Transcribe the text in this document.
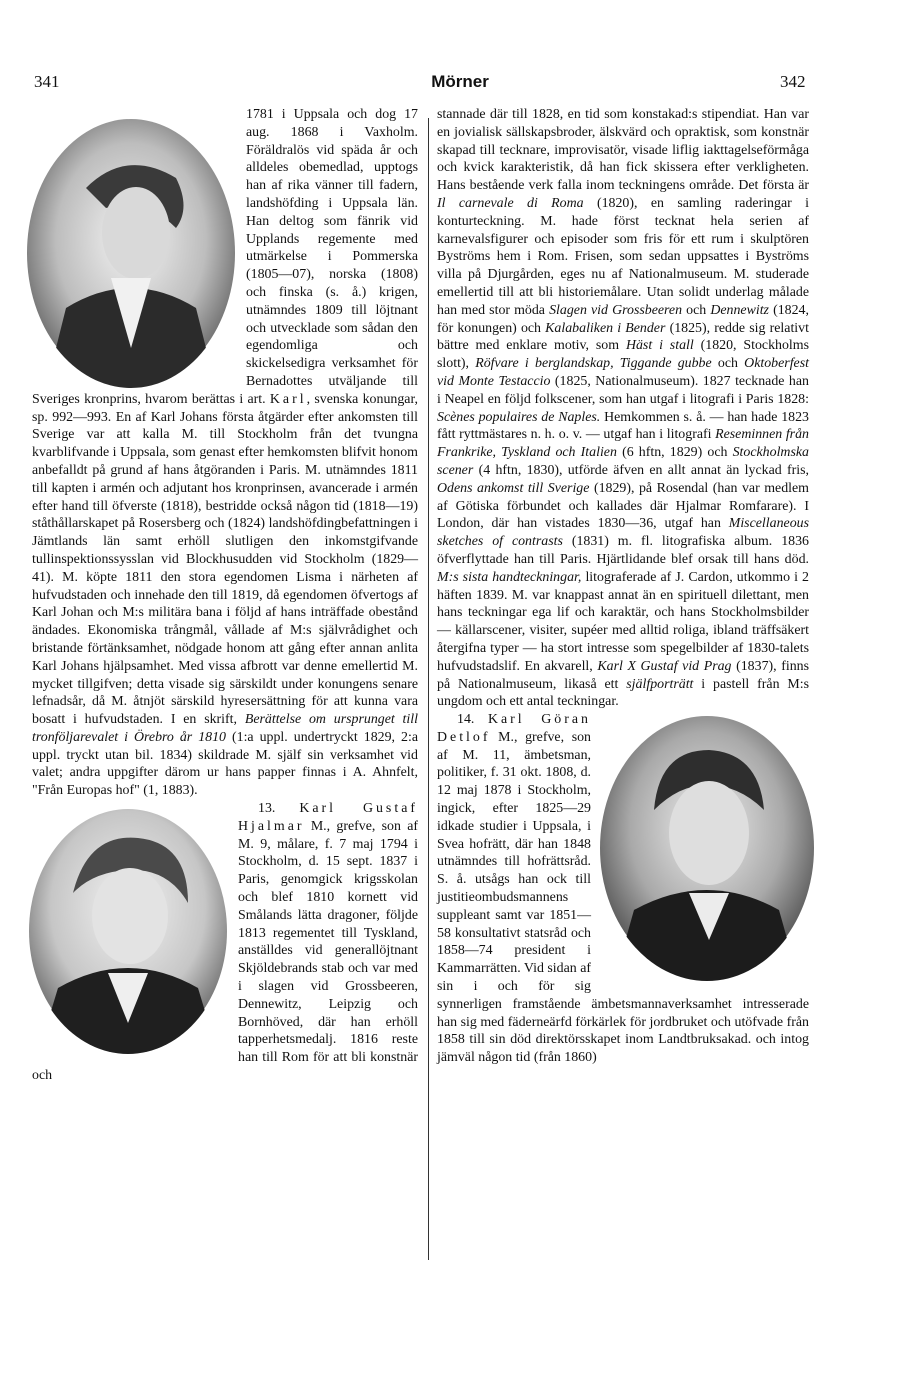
341	Mörner	342

1781 i Uppsala och dog 17 aug. 1868 i Vaxholm. Föräldralös vid späda år och alldeles obemedlad, upptogs han af rika vänner till fadern, landshöfding i Uppsala län. Han deltog som fänrik vid Upplands regemente med utmärkelse i Pommerska (1805—07), norska (1808) och finska (s. å.) krigen, utnämndes 1809 till löjtnant och utvecklade som sådan den egendomliga och skickelsedigra verksamhet för Bernadottes utväljande till Sveriges kronprins, hvarom berättas i art. Karl, svenska konungar, sp. 992—993. En af Karl Johans första åtgärder efter ankomsten till Sverige var att kalla M. till Stockholm från det tvungna kvarblifvande i Uppsala, som genast efter hemkomsten blifvit honom anbefalldt på grund af hans åtgöranden i Paris. M. utnämndes 1811 till kapten i armén och adjutant hos kronprinsen, avancerade i armén efter hand till öfverste (1818), bestridde också någon tid (1818—19) ståthållarskapet på Rosersberg och (1824) landshöfdingbefattningen i Jämtlands län samt erhöll slutligen den inkomstgifvande tullinspektionssysslan vid Blockhusudden vid Stockholm (1829—41). M. köpte 1811 den stora egendomen Lisma i närheten af hufvudstaden och innehade den till 1819, då egendomen öfvertogs af Karl Johan och M:s militära bana i följd af hans inträffade obestånd ändades. Ekonomiska trångmål, vållade af M:s självrådighet och bristande förtänksamhet, nödgade honom att gång efter annan anlita Karl Johans hjälpsamhet. Med vissa afbrott var denne emellertid M. mycket tillgifven; detta visade sig särskildt under konungens senare lefnadsår, då M. åtnjöt särskild hyresersättning för att kunna vara bosatt i hufvudstaden. I en skrift, Berättelse om ursprunget till tronföljarevalet i Örebro år 1810 (1:a uppl. undertryckt 1829, 2:a uppl. tryckt utan bil. 1834) skildrade M. själf sin verksamhet vid valet; andra uppgifter därom ur hans papper finnas i A. Ahnfelt, "Från Europas hof" (1, 1883).

13. Karl Gustaf Hjalmar M., grefve, son af M. 9, målare, f. 7 maj 1794 i Stockholm, d. 15 sept. 1837 i Paris, genomgick krigsskolan och blef 1810 kornett vid Smålands lätta dragoner, följde 1813 regementet till Tyskland, anställdes vid generallöjtnant Skjöldebrands stab och var med i slagen vid Grossbeeren, Dennewitz, Leipzig och Bornhöved, där han erhöll tapperhetsmedalj. 1816 reste han till Rom för att bli konstnär och

stannade där till 1828, en tid som konstakad:s stipendiat. Han var en jovialisk sällskapsbroder, älskvärd och opraktisk, som konstnär skapad till tecknare, improvisatör, visade liflig iakttagelseförmåga och kvick karakteristik, då han fick skissera efter verkligheten. Hans bestående verk falla inom teckningens område. Det första är Il carnevale di Roma (1820), en samling raderingar i konturteckning. M. hade först tecknat hela serien af karnevalsfigurer och episoder som fris för ett rum i skulptören Byströms hem i Rom. Frisen, som sedan uppsattes i Byströms villa på Djurgården, eges nu af Nationalmuseum. M. studerade emellertid till att bli historiemålare. Utan solidt underlag målade han med stor möda Slagen vid Grossbeeren och Dennewitz (1824, för konungen) och Kalabaliken i Bender (1825), redde sig relativt bättre med enklare motiv, som Häst i stall (1820, Stockholms slott), Röfvare i berglandskap, Tiggande gubbe och Oktoberfest vid Monte Testaccio (1825, Nationalmuseum). 1827 tecknade han i Neapel en följd folkscener, som han utgaf i litografi i Paris 1828: Scènes populaires de Naples. Hemkommen s. å. — han hade 1823 fått ryttmästares n. h. o. v. — utgaf han i litografi Reseminnen från Frankrike, Tyskland och Italien (6 hftn, 1829) och Stockholmska scener (4 hftn, 1830), utförde äfven en allt annat än lyckad fris, Odens ankomst till Sverige (1829), på Rosendal (han var medlem af Götiska förbundet och kallades där Hjalmar Romfarare). I London, där han vistades 1830—36, utgaf han Miscellaneous sketches of contrasts (1831) m. fl. litografiska album. 1836 öfverflyttade han till Paris. Hjärtlidande blef orsak till hans död. M:s sista handteckningar, litograferade af J. Cardon, utkommo i 2 häften 1839. M. var knappast annat än en spirituell dilettant, men hans teckningar ega lif och karaktär, och hans Stockholmsbilder — källarscener, visiter, supéer med alltid roliga, ibland träffsäkert återgifna typer — ha stort intresse som spegelbilder af 1830-talets hufvudstadslif. En akvarell, Karl X Gustaf vid Prag (1837), finns på Nationalmuseum, likaså ett själfporträtt i pastell från M:s ungdom och ett antal teckningar.

14. Karl Göran Detlof M., grefve, son af M. 11, ämbetsman, politiker, f. 31 okt. 1808, d. 12 maj 1878 i Stockholm, ingick, efter 1825—29 idkade studier i Uppsala, i Svea hofrätt, där han 1848 utnämndes till hofrättsråd. S. å. utsågs han ock till justitieombudsmannens suppleant samt var 1851—58 konsultativt statsråd och 1858—74 president i Kammarrätten. Vid sidan af sin i och för sig synnerligen framstående ämbetsmannaverksamhet intresserade han sig med fäderneärfd förkärlek för jordbruket och utöfvade från 1858 till sin död direktörsskapet inom Landtbruksakad. och intog jämväl någon tid (från 1860)
